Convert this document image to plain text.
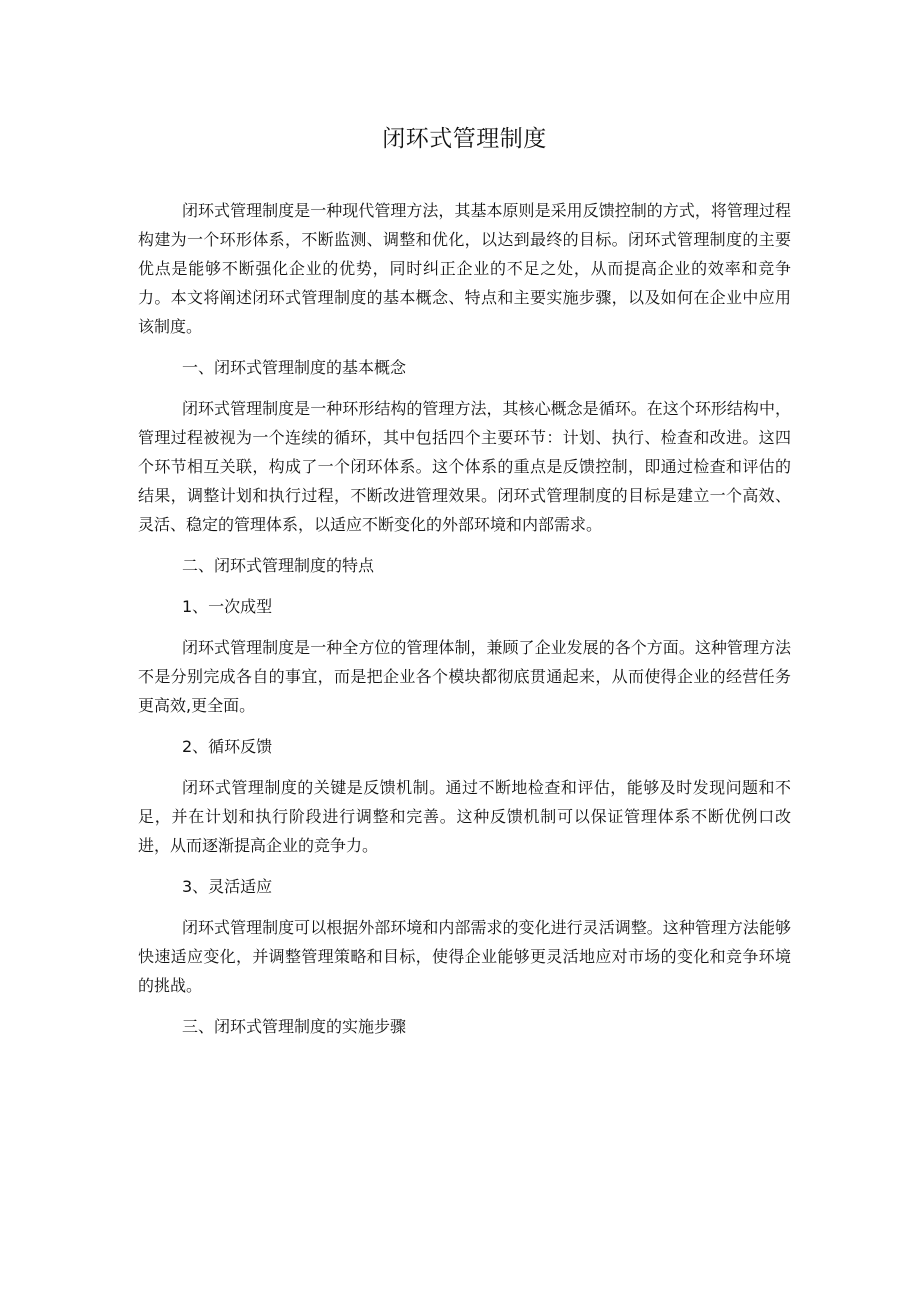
闭环式管理制度

闭环式管理制度是一种现代管理方法，其基本原则是采用反馈控制的方式，将管理过程构建为一个环形体系，不断监测、调整和优化，以达到最终的目标。闭环式管理制度的主要优点是能够不断强化企业的优势，同时纠正企业的不足之处，从而提高企业的效率和竞争力。本文将阐述闭环式管理制度的基本概念、特点和主要实施步骤，以及如何在企业中应用该制度。

一、闭环式管理制度的基本概念

闭环式管理制度是一种环形结构的管理方法，其核心概念是循环。在这个环形结构中，管理过程被视为一个连续的循环，其中包括四个主要环节：计划、执行、检查和改进。这四个环节相互关联，构成了一个闭环体系。这个体系的重点是反馈控制，即通过检查和评估的结果，调整计划和执行过程，不断改进管理效果。闭环式管理制度的目标是建立一个高效、灵活、稳定的管理体系，以适应不断变化的外部环境和内部需求。

二、闭环式管理制度的特点

1、一次成型

闭环式管理制度是一种全方位的管理体制，兼顾了企业发展的各个方面。这种管理方法不是分别完成各自的事宜，而是把企业各个模块都彻底贯通起来，从而使得企业的经营任务更高效,更全面。

2、循环反馈

闭环式管理制度的关键是反馈机制。通过不断地检查和评估，能够及时发现问题和不足，并在计划和执行阶段进行调整和完善。这种反馈机制可以保证管理体系不断优例口改进，从而逐渐提高企业的竞争力。

3、灵活适应

闭环式管理制度可以根据外部环境和内部需求的变化进行灵活调整。这种管理方法能够快速适应变化，并调整管理策略和目标，使得企业能够更灵活地应对市场的变化和竞争环境的挑战。

三、闭环式管理制度的实施步骤
